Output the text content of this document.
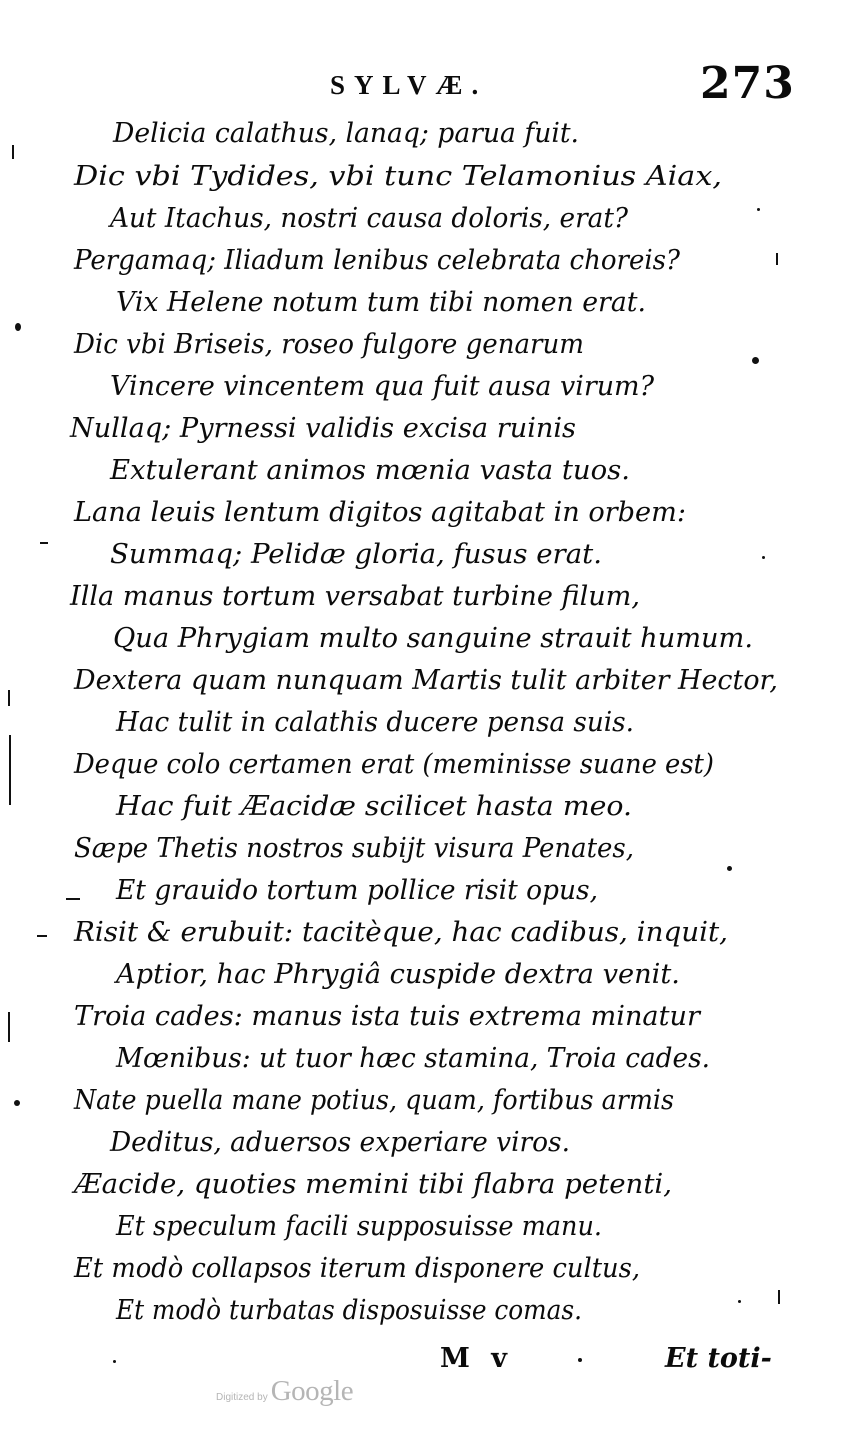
SYLVÆ.	273
Delicia calathus, lanaq; parua fuit.
Dic vbi Tydides, vbi tunc Telamonius Aiax,
Aut Itachus, nostri causa doloris, erat?
Pergamaq; Iliadum lenibus celebrata choreis?
Vix Helene notum tum tibi nomen erat.
Dic vbi Briseis, roseo fulgore genarum
Vincere vincentem qua fuit ausa virum?
Nullaq; Pyrnessi validis excisa ruinis
Extulerant animos mœnia vasta tuos.
Lana leuis lentum digitos agitabat in orbem:
Summaq; Pelidæ gloria, fusus erat.
Illa manus tortum versabat turbine filum,
Qua Phrygiam multo sanguine strauit humum.
Dextera quam nunquam Martis tulit arbiter Hector,
Hac tulit in calathis ducere pensa suis.
Deque colo certamen erat (meminisse suane est)
Hac fuit Æacidæ scilicet hasta meo.
Sæpe Thetis nostros subijt visura Penates,
Et grauido tortum pollice risit opus,
Risit & erubuit: tacitèque, hac cadibus, inquit,
Aptior, hac Phrygiâ cuspide dextra venit.
Troia cades: manus ista tuis extrema minatur
Mœnibus: ut tuor hæc stamina, Troia cades.
Nate puella mane potius, quam, fortibus armis
Deditus, aduersos experiare viros.
Æacide, quoties memini tibi flabra petenti,
Et speculum facili supposuisse manu.
Et modò collapsos iterum disponere cultus,
Et modò turbatas disposuisse comas.
M v	Et toti-
Digitized by Google
